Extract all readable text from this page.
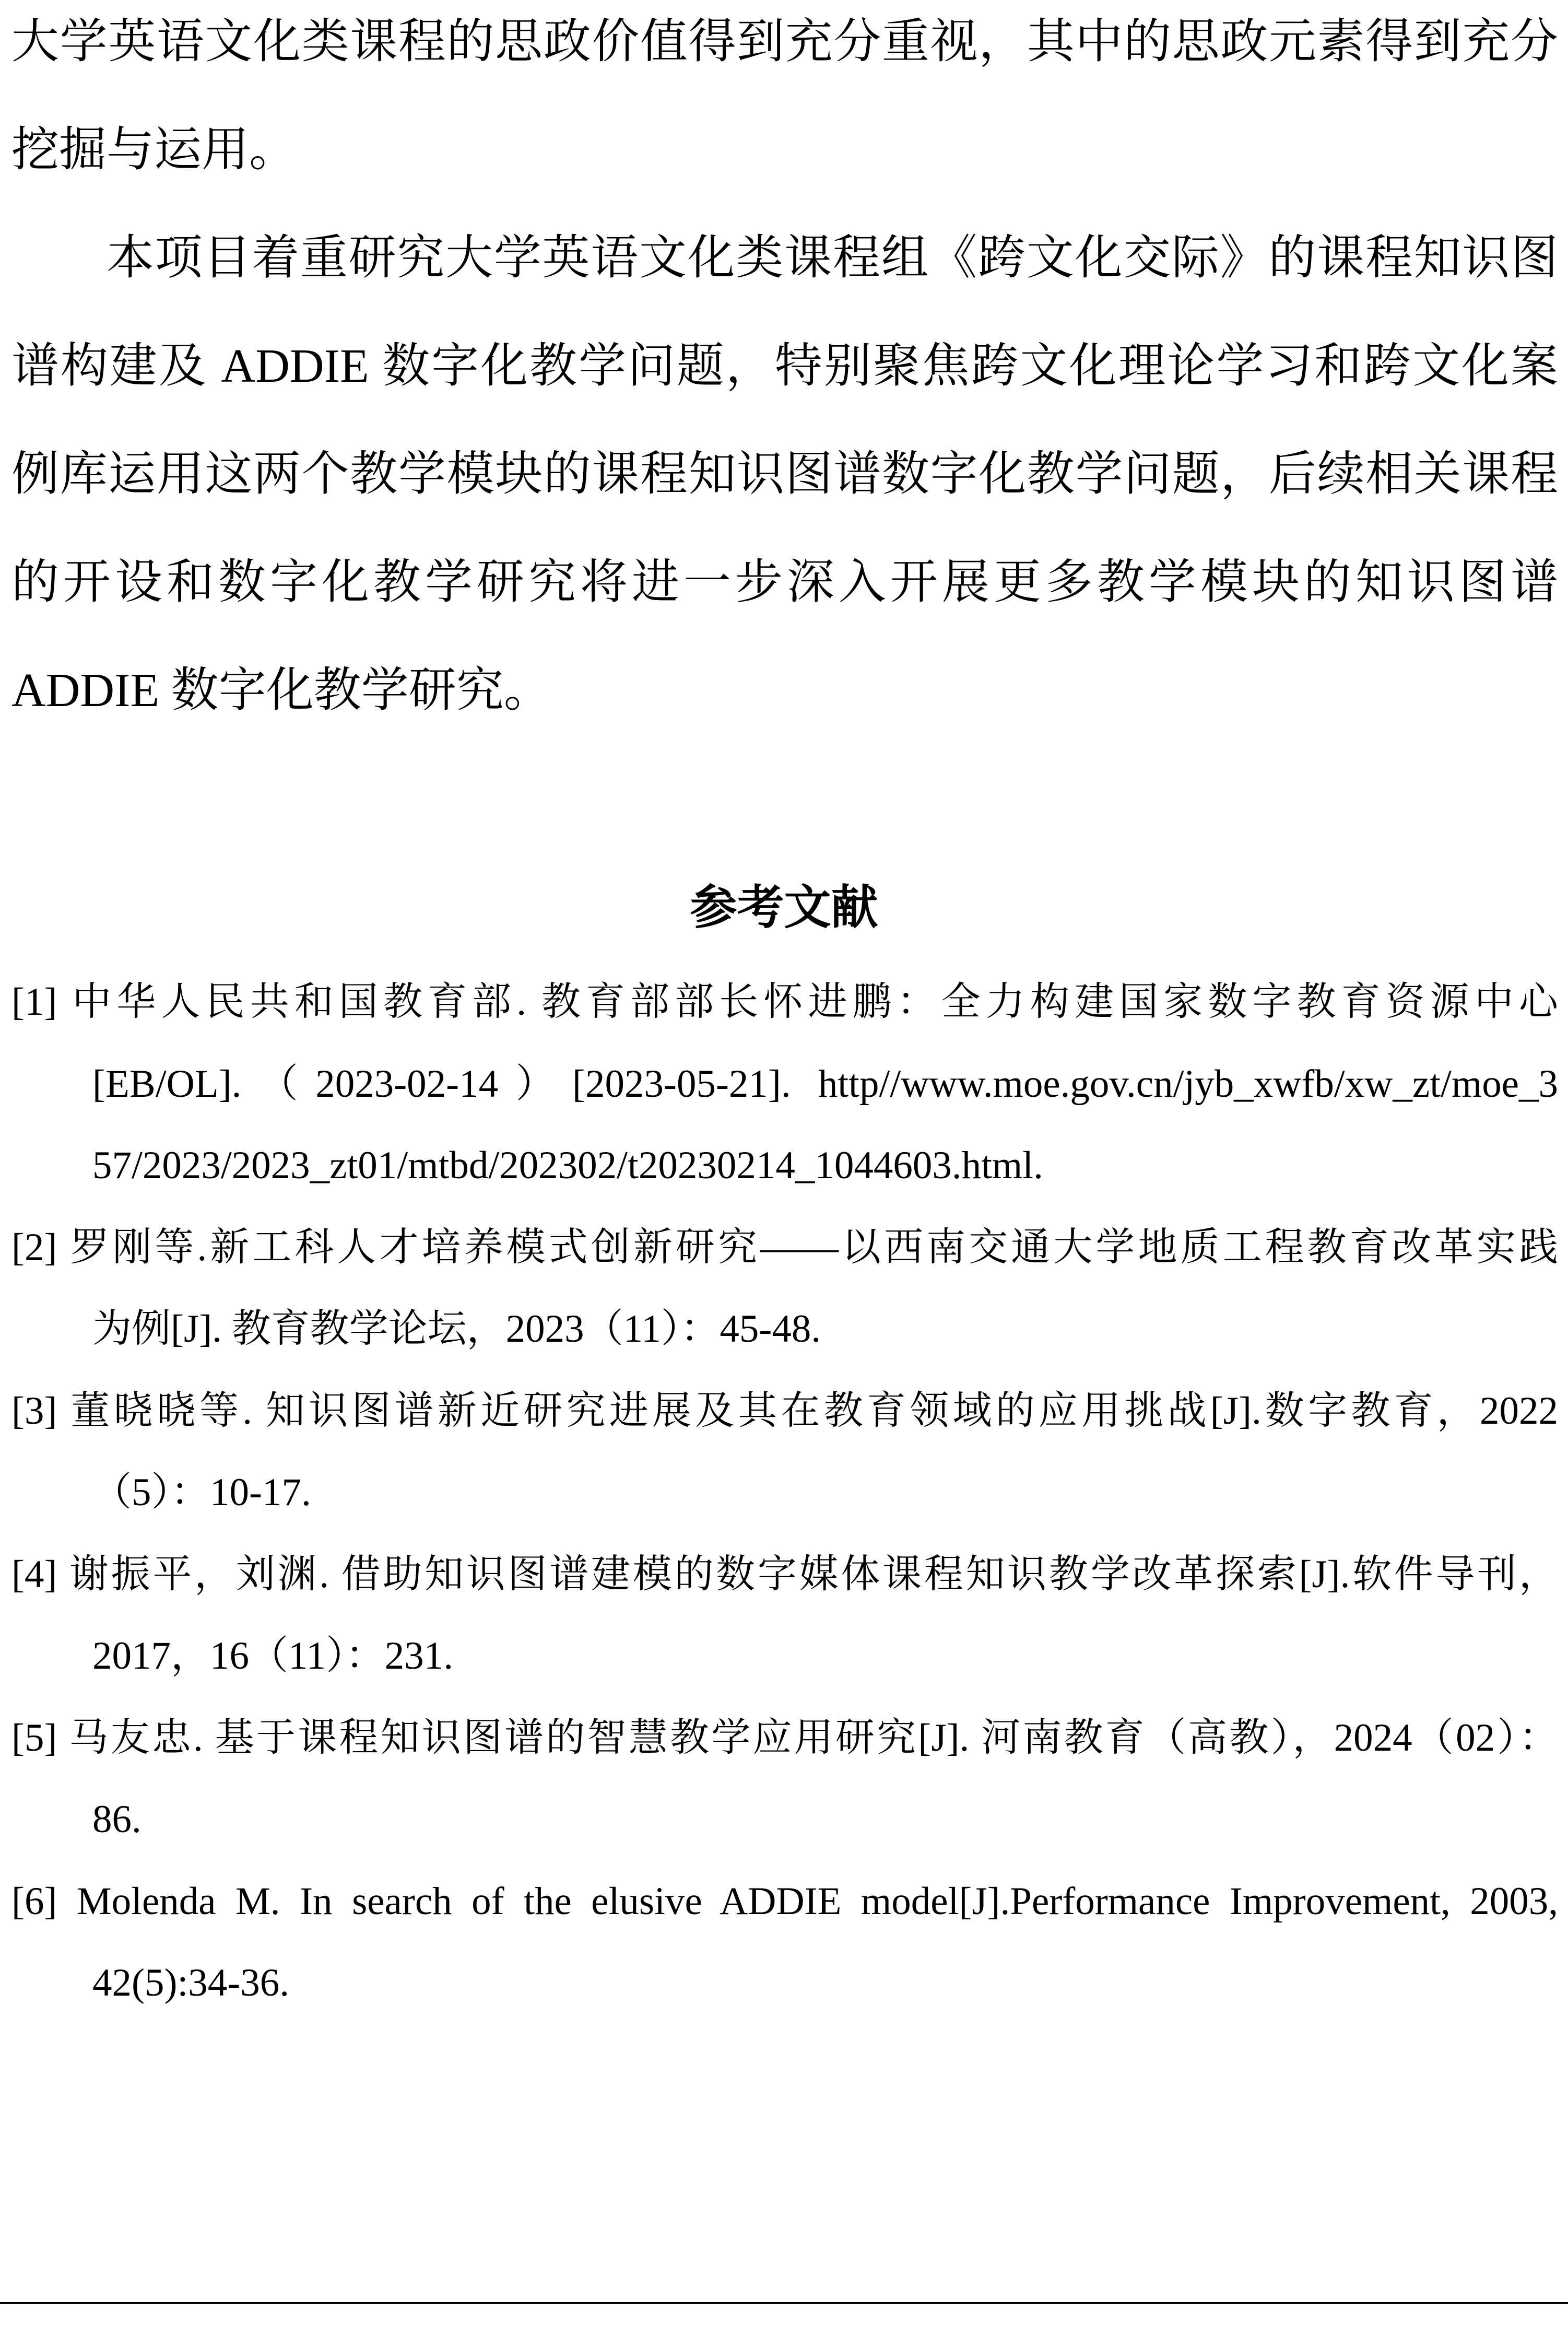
大学英语文化类课程的思政价值得到充分重视，其中的思政元素得到充分
挖掘与运用。
本项目着重研究大学英语文化类课程组《跨文化交际》的课程知识图
谱构建及 ADDIE 数字化教学问题，特别聚焦跨文化理论学习和跨文化案
例库运用这两个教学模块的课程知识图谱数字化教学问题，后续相关课程
的开设和数字化教学研究将进一步深入开展更多教学模块的知识图谱
ADDIE 数字化教学研究。
参考文献
[1] 中华人民共和国教育部. 教育部部长怀进鹏：全力构建国家数字教育资源中心
[EB/OL].（2023-02-14）[2023-05-21]. http//www.moe.gov.cn/jyb_xwfb/xw_zt/moe_3
57/2023/2023_zt01/mtbd/202302/t20230214_1044603.html.
[2] 罗刚等.新工科人才培养模式创新研究——以西南交通大学地质工程教育改革实践
为例[J]. 教育教学论坛，2023（11）：45-48.
[3] 董晓晓等. 知识图谱新近研究进展及其在教育领域的应用挑战[J].数字教育，2022
（5）：10-17.
[4] 谢振平，刘渊. 借助知识图谱建模的数字媒体课程知识教学改革探索[J].软件导刊，
2017，16（11）：231.
[5] 马友忠. 基于课程知识图谱的智慧教学应用研究[J]. 河南教育（高教），2024（02）：
86.
[6] Molenda M. In search of the elusive ADDIE model[J].Performance Improvement, 2003,
42(5):34-36.
